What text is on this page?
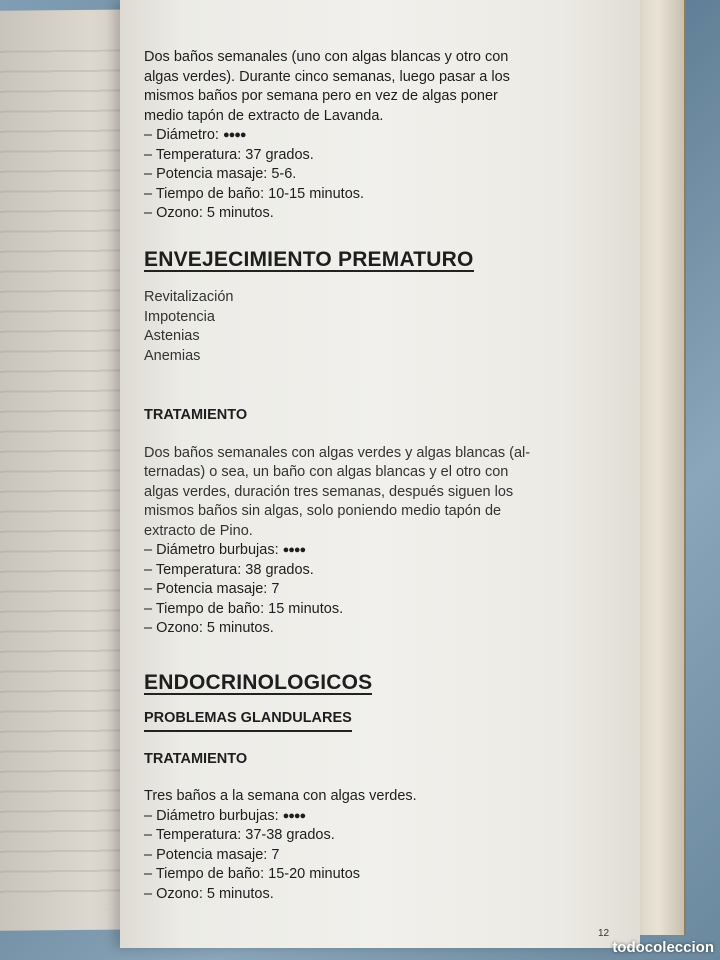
Dos baños semanales (uno con algas blancas y otro con
algas verdes). Durante cinco semanas, luego pasar a los
mismos baños por semana pero en vez de algas poner
medio tapón de extracto de Lavanda.
– Diámetro: ●●●●
– Temperatura: 37 grados.
– Potencia masaje: 5-6.
– Tiempo de baño: 10-15 minutos.
– Ozono: 5 minutos.
ENVEJECIMIENTO PREMATURO
Revitalización
Impotencia
Astenias
Anemias
TRATAMIENTO
Dos baños semanales con algas verdes y algas blancas (al-
ternadas) o sea, un baño con algas blancas y el otro con
algas verdes, duración tres semanas, después siguen los
mismos baños sin algas, solo poniendo medio tapón de
extracto de Pino.
– Diámetro burbujas: ●●●●
– Temperatura: 38 grados.
– Potencia masaje: 7
– Tiempo de baño: 15 minutos.
– Ozono: 5 minutos.
ENDOCRINOLOGICOS
PROBLEMAS GLANDULARES
TRATAMIENTO
Tres baños a la semana con algas verdes.
– Diámetro burbujas: ●●●●
– Temperatura: 37-38 grados.
– Potencia masaje: 7
– Tiempo de baño: 15-20 minutos
– Ozono: 5 minutos.
12
todocoleccion
